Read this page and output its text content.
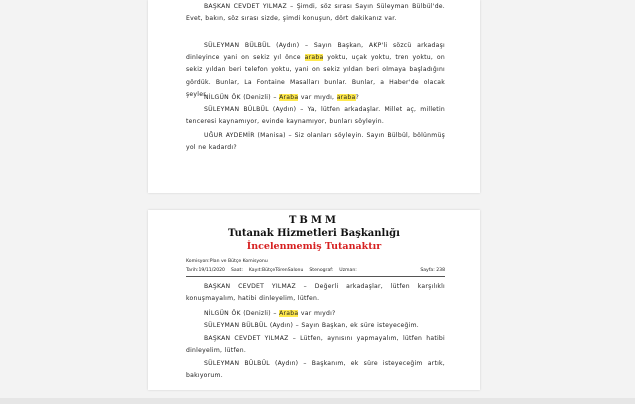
BAŞKAN CEVDET YILMAZ – Şimdi, söz sırası Sayın Süleyman Bülbül'de. Evet, bakın, söz sırası sizde, şimdi konuşun, dört dakikanız var.

SÜLEYMAN BÜLBÜL (Aydın) – Sayın Başkan, AKP'li sözcü arkadaşı dinleyince yani on sekiz yıl önce araba yoktu, uçak yoktu, tren yoktu, on sekiz yıldan beri telefon yoktu, yani on sekiz yıldan beri olmaya başladığını gördük. Bunlar, La Fontaine Masalları bunlar. Bunlar, a Haber'de olacak şeyler.

NİLGÜN ÖK (Denizli) – Araba var mıydı, araba?

SÜLEYMAN BÜLBÜL (Aydın) – Ya, lütfen arkadaşlar. Millet aç, milletin tenceresi kaynamıyor, evinde kaynamıyor, bunları söyleyin.

UĞUR AYDEMİR (Manisa) – Siz olanları söyleyin. Sayın Bülbül, bölünmüş yol ne kadardı?

TBMM
Tutanak Hizmetleri Başkanlığı
İncelenmemiş Tutanaktır
Komisyon:Plan ve Bütçe Komisyonu
Tarih:19/11/2020 Saat: Kayıt:BütçeTörenSalonu Stenograf: Uzman:	Sayfa: 238

BAŞKAN CEVDET YILMAZ – Değerli arkadaşlar, lütfen karşılıklı konuşmayalım, hatibi dinleyelim, lütfen.

NİLGÜN ÖK (Denizli) – Araba var mıydı?

SÜLEYMAN BÜLBÜL (Aydın) – Sayın Başkan, ek süre isteyeceğim.

BAŞKAN CEVDET YILMAZ – Lütfen, aynısını yapmayalım, lütfen hatibi dinleyelim, lütfen.

SÜLEYMAN BÜLBÜL (Aydın) – Başkanım, ek süre isteyeceğim artık, bakıyorum.
